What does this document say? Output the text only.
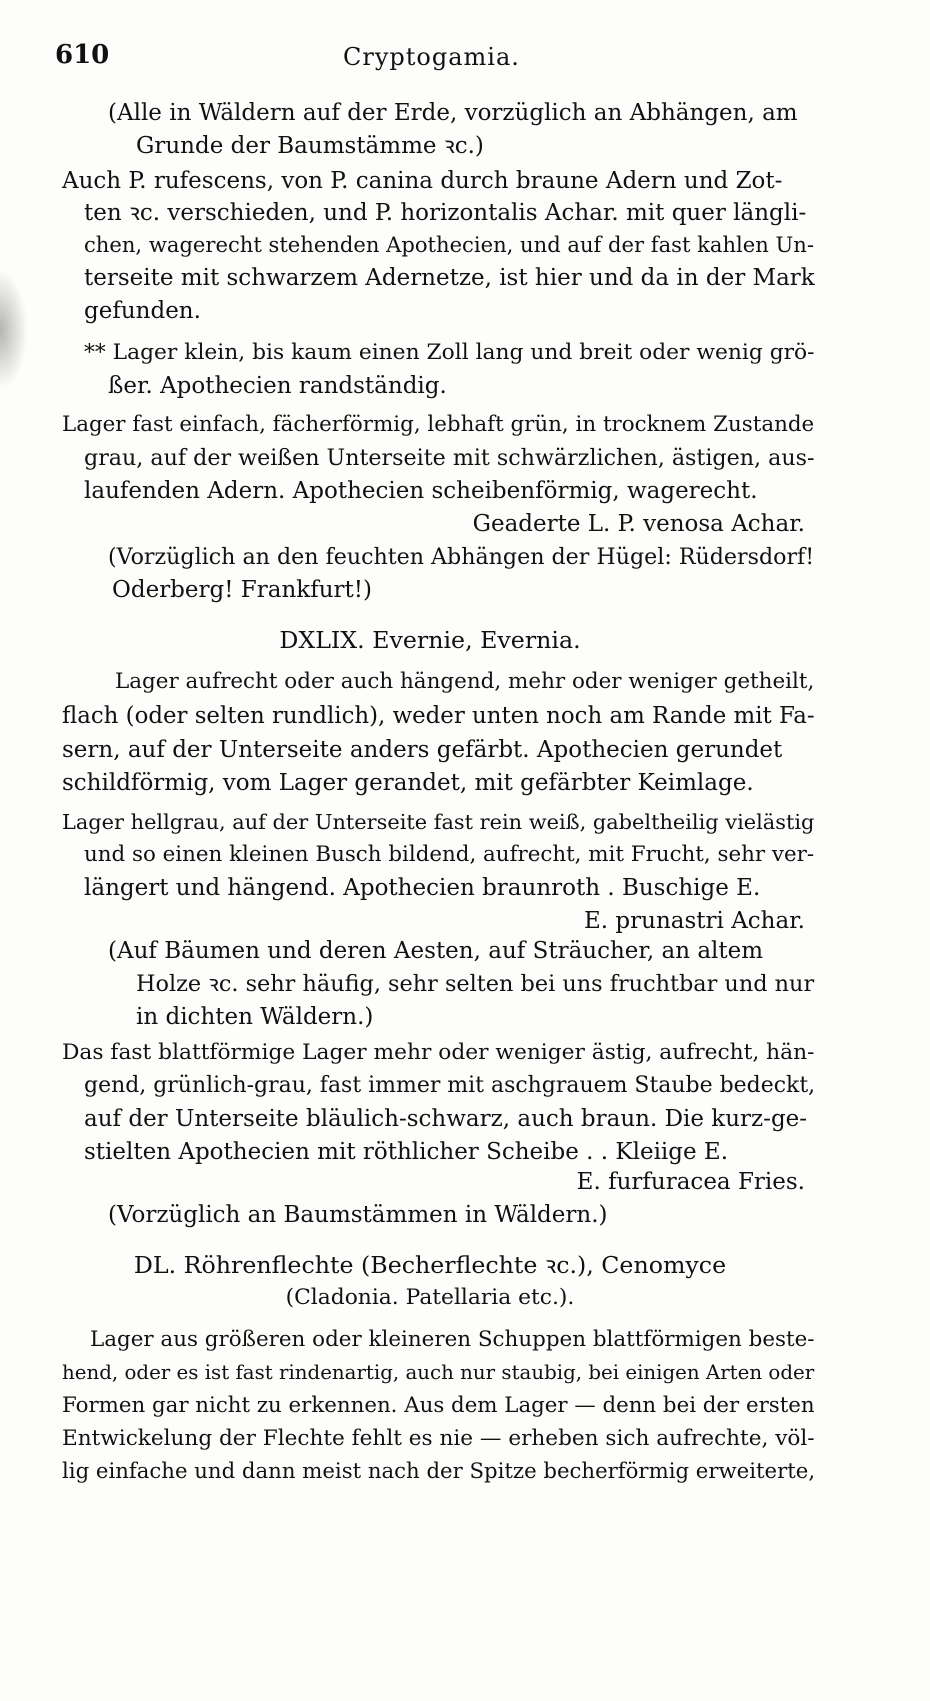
610	Cryptogamia.
(Alle in Wäldern auf der Erde, vorzüglich an Abhängen, am
Grunde der Baumstämme ꝛc.)
Auch P. rufescens, von P. canina durch braune Adern und Zot-
ten ꝛc. verschieden, und P. horizontalis Achar. mit quer längli-
chen, wagerecht stehenden Apothecien, und auf der fast kahlen Un-
terseite mit schwarzem Adernetze, ist hier und da in der Mark
gefunden.
** Lager klein, bis kaum einen Zoll lang und breit oder wenig grö-
ßer. Apothecien randständig.
Lager fast einfach, fächerförmig, lebhaft grün, in trocknem Zustande
grau, auf der weißen Unterseite mit schwärzlichen, ästigen, aus-
laufenden Adern. Apothecien scheibenförmig, wagerecht.
Geaderte L. P. venosa Achar.
(Vorzüglich an den feuchten Abhängen der Hügel: Rüdersdorf!
Oderberg! Frankfurt!)
DXLIX. Evernie, Evernia.
Lager aufrecht oder auch hängend, mehr oder weniger getheilt,
flach (oder selten rundlich), weder unten noch am Rande mit Fa-
sern, auf der Unterseite anders gefärbt. Apothecien gerundet
schildförmig, vom Lager gerandet, mit gefärbter Keimlage.
Lager hellgrau, auf der Unterseite fast rein weiß, gabeltheilig vielästig
und so einen kleinen Busch bildend, aufrecht, mit Frucht, sehr ver-
längert und hängend. Apothecien braunroth . Buschige E.
E. prunastri Achar.
(Auf Bäumen und deren Aesten, auf Sträucher, an altem
Holze ꝛc. sehr häufig, sehr selten bei uns fruchtbar und nur
in dichten Wäldern.)
Das fast blattförmige Lager mehr oder weniger ästig, aufrecht, hän-
gend, grünlich-grau, fast immer mit aschgrauem Staube bedeckt,
auf der Unterseite bläulich-schwarz, auch braun. Die kurz-ge-
stielten Apothecien mit röthlicher Scheibe . . Kleiige E.
E. furfuracea Fries.
(Vorzüglich an Baumstämmen in Wäldern.)
DL. Röhrenflechte (Becherflechte ꝛc.), Cenomyce
(Cladonia. Patellaria etc.).
Lager aus größeren oder kleineren Schuppen blattförmigen beste-
hend, oder es ist fast rindenartig, auch nur staubig, bei einigen Arten oder
Formen gar nicht zu erkennen. Aus dem Lager — denn bei der ersten
Entwickelung der Flechte fehlt es nie — erheben sich aufrechte, völ-
lig einfache und dann meist nach der Spitze becherförmig erweiterte,
